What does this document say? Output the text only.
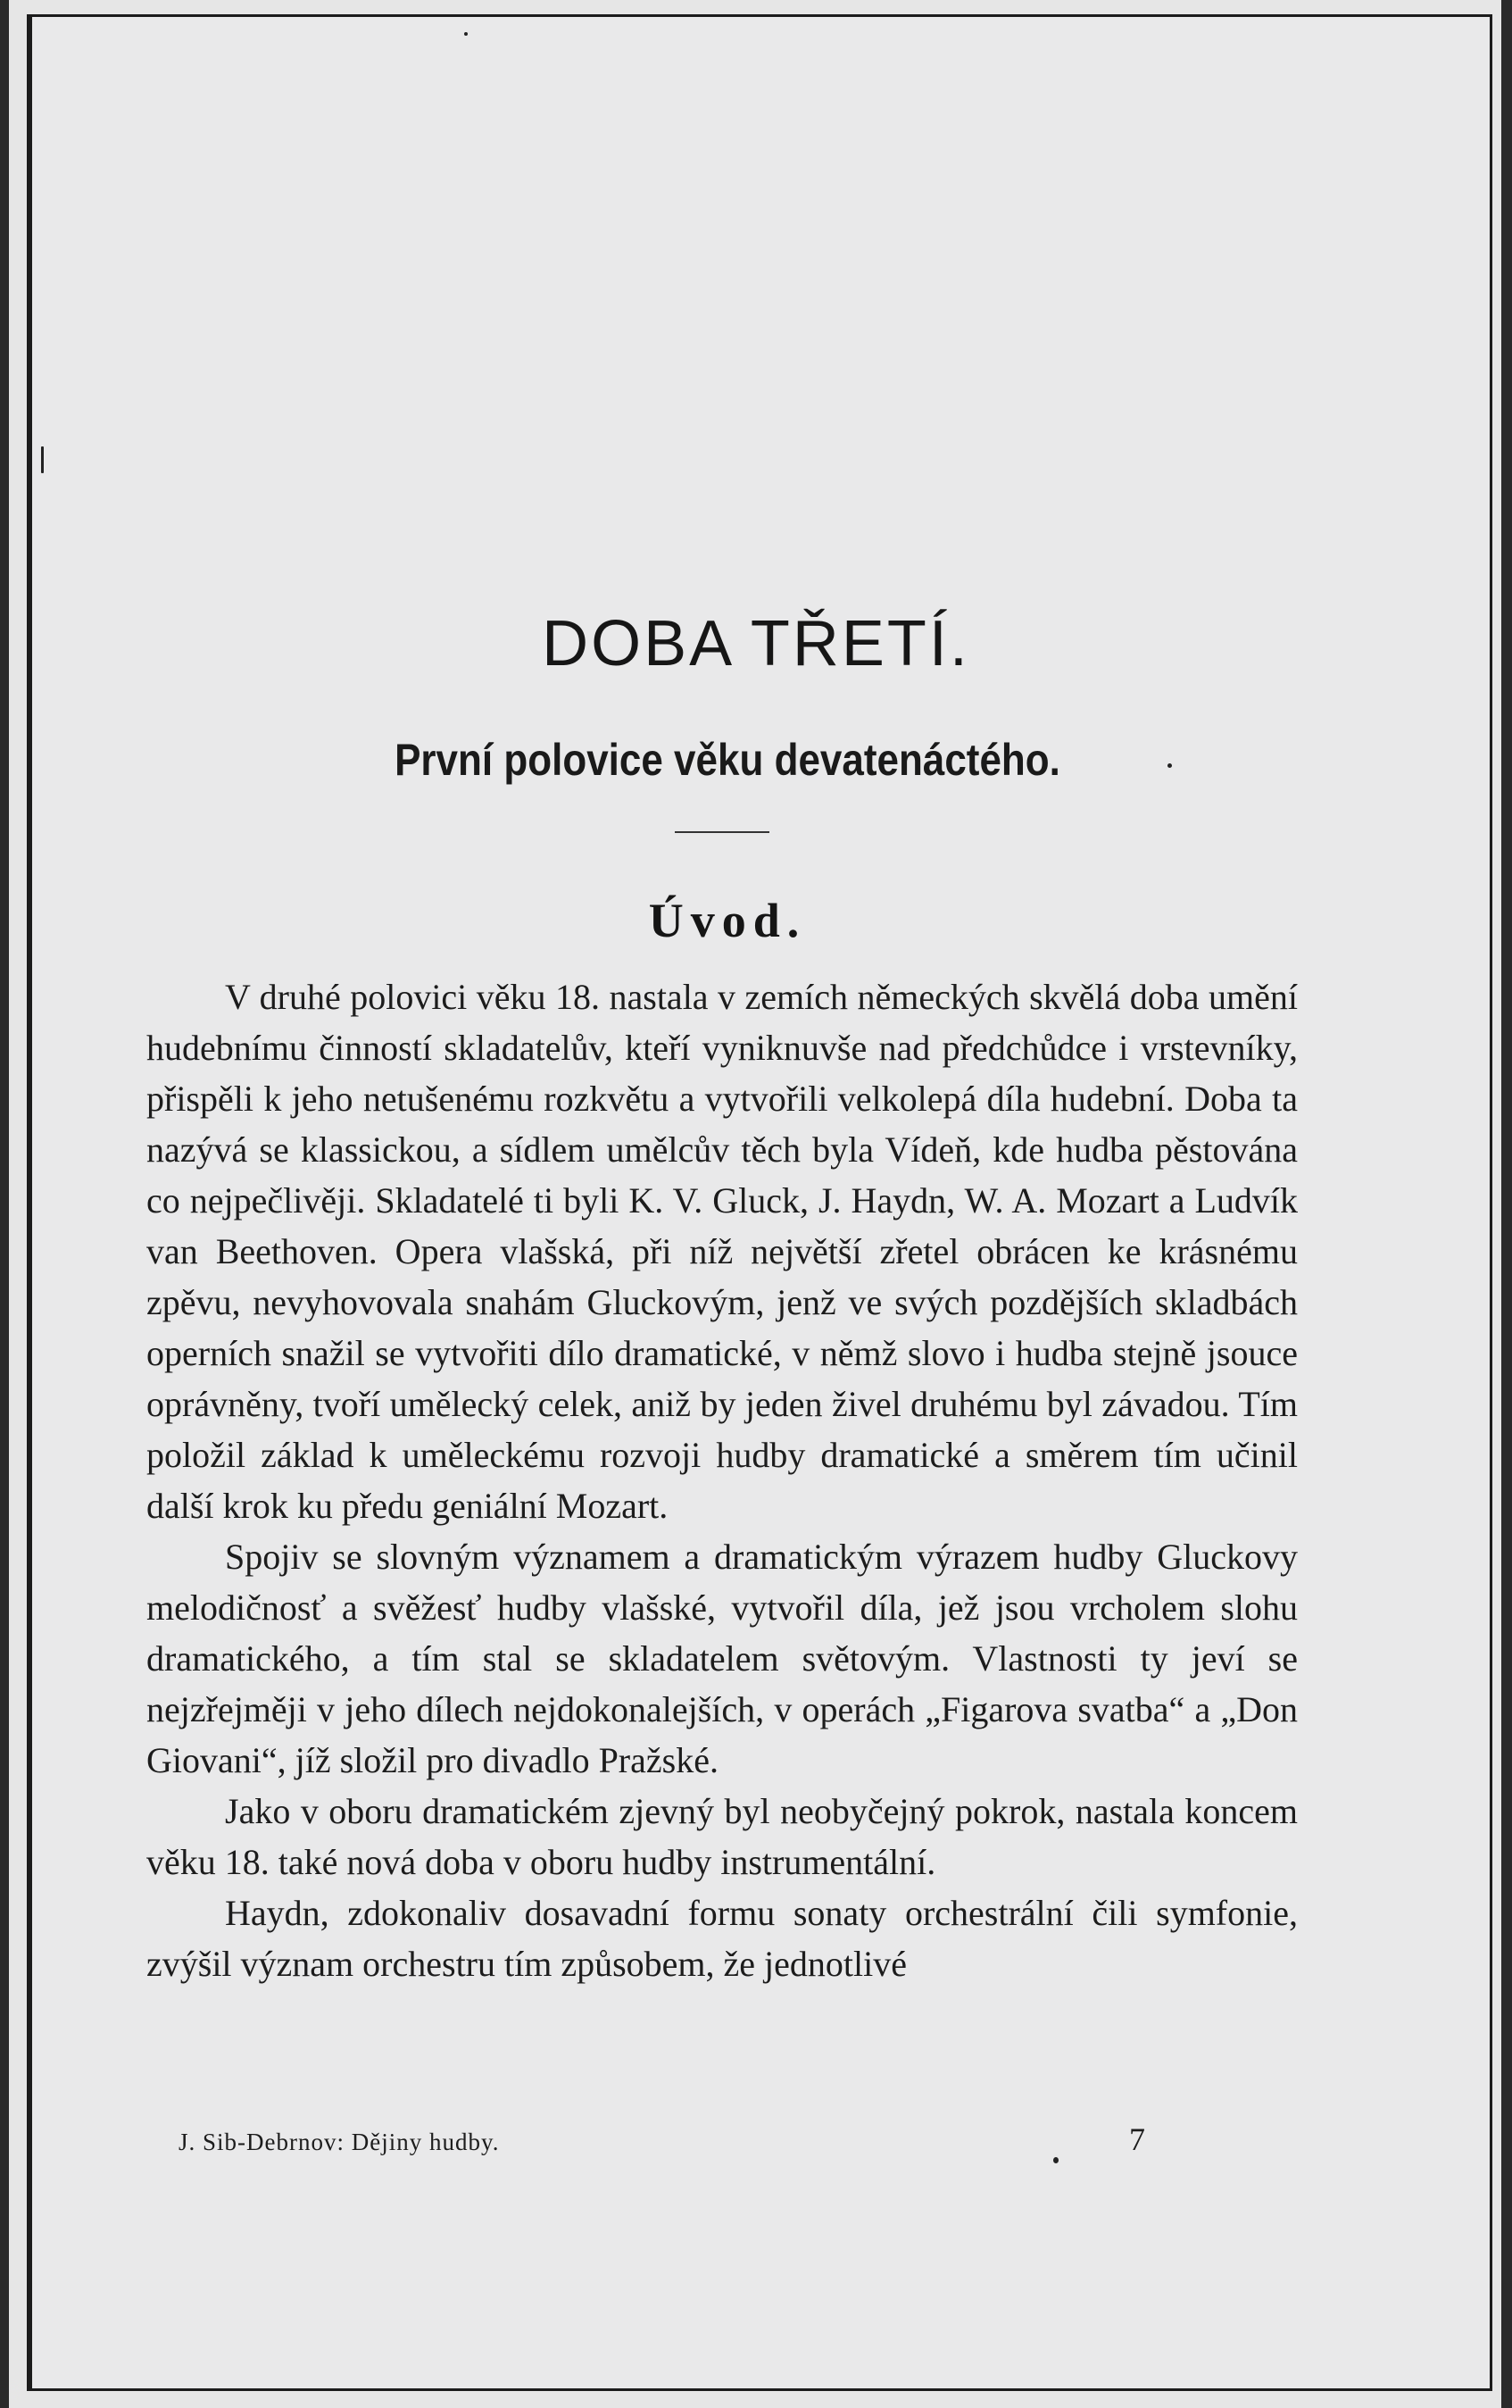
DOBA TŘETÍ.
První polovice věku devatenáctého.
Úvod.

V druhé polovici věku 18. nastala v zemích německých skvělá doba umění hudebnímu činností skladatelův, kteří vyniknuvše nad předchůdce i vrstevníky, přispěli k jeho netušenému rozkvětu a vytvořili velkolepá díla hudební. Doba ta nazývá se klassickou, a sídlem umělcův těch byla Vídeň, kde hudba pěstována co nejpečlivěji. Skladatelé ti byli K. V. Gluck, J. Haydn, W. A. Mozart a Ludvík van Beethoven. Opera vlašská, při níž největší zřetel obrácen ke krásnému zpěvu, nevyhovovala snahám Gluckovým, jenž ve svých pozdějších skladbách operních snažil se vytvořiti dílo dramatické, v němž slovo i hudba stejně jsouce oprávněny, tvoří umělecký celek, aniž by jeden živel druhému byl závadou. Tím položil základ k uměleckému rozvoji hudby dramatické a směrem tím učinil další krok ku předu geniální Mozart.

Spojiv se slovným významem a dramatickým výrazem hudby Gluckovy melodičnosť a svěžesť hudby vlašské, vytvořil díla, jež jsou vrcholem slohu dramatického, a tím stal se skladatelem světovým. Vlastnosti ty jeví se nejzřejměji v jeho dílech nejdokonalejších, v operách „Figarova svatba“ a „Don Giovani“, jíž složil pro divadlo Pražské.

Jako v oboru dramatickém zjevný byl neobyčejný pokrok, nastala koncem věku 18. také nová doba v oboru hudby instrumentální.

Haydn, zdokonaliv dosavadní formu sonaty orchestrální čili symfonie, zvýšil význam orchestru tím způsobem, že jednotlivé

J. Sib-Debrnov: Dějiny hudby.	7
